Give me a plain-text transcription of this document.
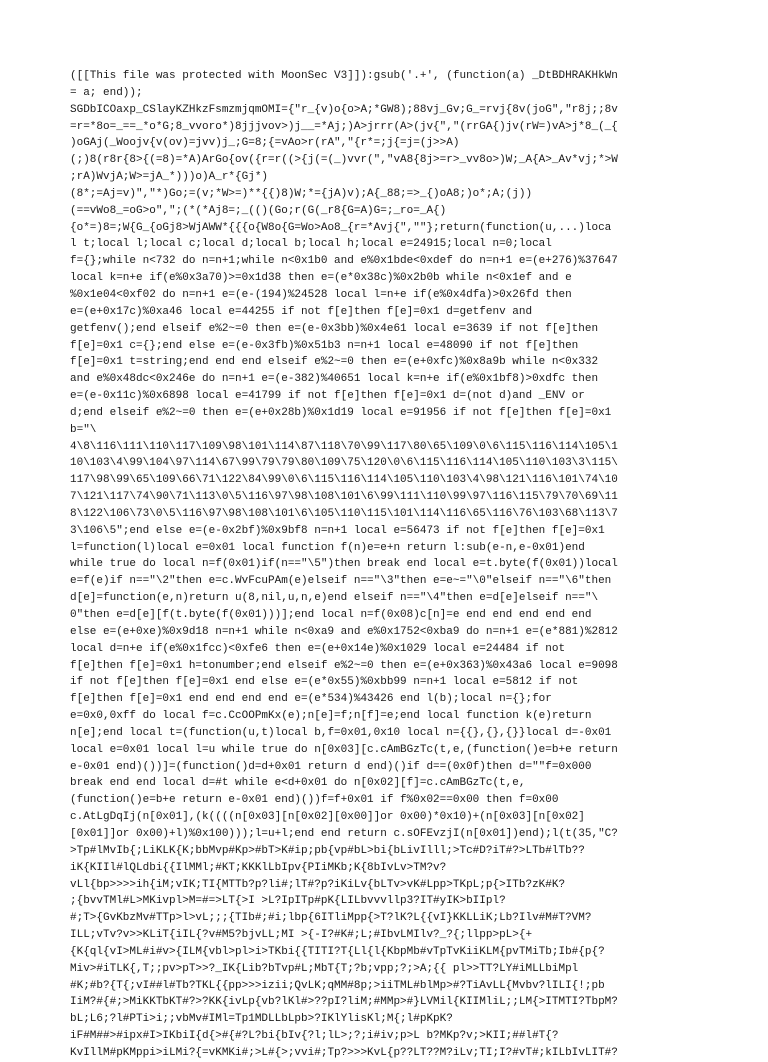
([[This file was protected with MoonSec V3]]):gsub('.+', (function(a) _DtBDHRAKHkWn
= a; end));
SGDbICOaxp_CSlayKZHkzFsmzmjqmOMI={"r_{v)o{o>A;*GW8);88vj_Gv;G_=rvj{8v(joG","r8j;;8v
=r=*8o=_==_*o*G;8_vvoro*)8jjjvov>)j__=*Aj;)A>jrrr(A>(jv{","(rrGA{)jv(rW=)vA>j*8_(_{
)oGAj(_Woojv{v(ov)=jvv)j_;G=8;{=vAo>r(rA","{r*=;j{=j=(j>>A)
(;)8(r8r{8>{(=8)=*A)ArGo{ov({r=r((>{j(=(_)vvr(","vA8{8j>=r>_vv8o>)W;_A{A>_Av*vj;*>W
;rA)WvjA;W>=jA_*)))o)A_r*{Gj*)
(8*;=Aj=v)","*)Go;=(v;*W>=)**{{)8)W;*={jA)v);A{_88;=>_{)oA8;)o*;A;(j))
(==vWo8_=oG>o",";(*(*Aj8=;_(()(Go;r(G(_r8{G=A)G=;_ro=_A{)
{o*=)8=;W{G_{oGj8>WjAWW*{{{o{W8o{G=Wo>Ao8_{r=*Avj{",""};return(function(u,...)loca
l t;local l;local c;local d;local b;local h;local e=24915;local n=0;local
f={};while n<732 do n=n+1;while n<0x1b0 and e%0x1bde<0xdef do n=n+1 e=(e+276)%37647
local k=n+e if(e%0x3a70)>=0x1d38 then e=(e*0x38c)%0x2b0b while n<0x1ef and e
%0x1e04<0xf02 do n=n+1 e=(e-(194)%24528 local l=n+e if(e%0x4dfa)>0x26fd then
e=(e+0x17c)%0xa46 local e=44255 if not f[e]then f[e]=0x1 d=getfenv and
getfenv();end elseif e%2~=0 then e=(e-0x3bb)%0x4e61 local e=3639 if not f[e]then
f[e]=0x1 c={};end else e=(e-0x3fb)%0x51b3 n=n+1 local e=48090 if not f[e]then
f[e]=0x1 t=string;end end end elseif e%2~=0 then e=(e+0xfc)%0x8a9b while n<0x332
and e%0x48dc<0x246e do n=n+1 e=(e-382)%40651 local k=n+e if(e%0x1bf8)>0xdfc then
e=(e-0x11c)%0x6898 local e=41799 if not f[e]then f[e]=0x1 d=(not d)and _ENV or
d;end elseif e%2~=0 then e=(e+0x28b)%0x1d19 local e=91956 if not f[e]then f[e]=0x1
b="\
4\8\116\111\110\117\109\98\101\114\87\118\70\99\117\80\65\109\0\6\115\116\114\105\1
10\103\4\99\104\97\114\67\99\79\79\80\109\75\120\0\6\115\116\114\105\110\103\3\115\
117\98\99\65\109\66\71\122\84\99\0\6\115\116\114\105\110\103\4\98\121\116\101\74\10
7\121\117\74\90\71\113\0\5\116\97\98\108\101\6\99\111\110\99\97\116\115\79\70\69\11
8\122\106\73\0\5\116\97\98\108\101\6\105\110\115\101\114\116\65\116\76\103\68\113\7
3\106\5";end else e=(e-0x2bf)%0x9bf8 n=n+1 local e=56473 if not f[e]then f[e]=0x1
l=function(l)local e=0x01 local function f(n)e=e+n return l:sub(e-n,e-0x01)end
while true do local n=f(0x01)if(n=="\5")then break end local e=t.byte(f(0x01))local
e=f(e)if n=="\2"then e=c.WvFcuPAm(e)elseif n=="\3"then e=e~="\0"elseif n=="\6"then
d[e]=function(e,n)return u(8,nil,u,n,e)end elseif n=="\4"then e=d[e]elseif n=="\
0"then e=d[e][f(t.byte(f(0x01)))];end local n=f(0x08)c[n]=e end end end end end
else e=(e+0xe)%0x9d18 n=n+1 while n<0xa9 and e%0x1752<0xba9 do n=n+1 e=(e*881)%2812
local d=n+e if(e%0x1fcc)<0xfe6 then e=(e+0x14e)%0x1029 local e=24484 if not
f[e]then f[e]=0x1 h=tonumber;end elseif e%2~=0 then e=(e+0x363)%0x43a6 local e=9098
if not f[e]then f[e]=0x1 end else e=(e*0x55)%0xbb99 n=n+1 local e=5812 if not
f[e]then f[e]=0x1 end end end end e=(e*534)%43426 end l(b);local n={};for
e=0x0,0xff do local f=c.CcOOPmKx(e);n[e]=f;n[f]=e;end local function k(e)return
n[e];end local t=(function(u,t)local b,f=0x01,0x10 local n={{},{},{}}local d=-0x01
local e=0x01 local l=u while true do n[0x03][c.cAmBGzTc(t,e,(function()e=b+e return
e-0x01 end)())]=(function()d=d+0x01 return d end)()if d==(0x0f)then d=""f=0x000
break end end local d=#t while e<d+0x01 do n[0x02][f]=c.cAmBGzTc(t,e,
(function()e=b+e return e-0x01 end)())f=f+0x01 if f%0x02==0x00 then f=0x00
c.AtLgDqIj(n[0x01],(k((((n[0x03][n[0x02][0x00]]or 0x00)*0x10)+(n[0x03][n[0x02]
[0x01]]or 0x00)+l)%0x100)));l=u+l;end end return c.sOFEvzjI(n[0x01])end);l(t(35,"C?
>Tp#lMvIb{;LiKLK{K;bbMvp#Kp>#bT>K#ip;pb{vp#bL>bi{bLivIlll;>Tc#D?iT#?>LTb#lTb??
iK{KIIl#lQLdbi{{IlMMl;#KT;KKKlLbIpv{PIiMKb;K{8bIvLv>TM?v?
vLl{bp>>>>ih{iM;vIK;TI{MTTb?p?li#;lT#?p?iKiLv{bLTv>vK#Lpp>TKpL;p{>ITb?zK#K?
;{bvvTMl#L>MKivpl>M=#=>LT{>I >L?IpITp#pK{LILbvvvllp3?IT#yIK>bIIpl?
#;T>{GvKbzMv#TTp>l>vL;;;{TIb#;#i;lbp{6ITliMpp{>T?lK?L{{vI}KKLLiK;Lb?Ilv#M#T?VM?
ILL;vTv?v>>KLiT{iIL{?v#M5?bjvLL;MI >{-I?#K#;L;#IbvLMIlv?_?{;llpp>pL>{+
{K{ql{vI>ML#i#v>{ILM{vbl>pl>i>TKbi{{TITI?T{Ll{l{KbpMb#vTpTvKiiKLM{pvTMiTb;Ib#{p{?
Miv>#iTLK{,T;;pv>pT>>?_IK{Lib?bTvp#L;MbT{T;?b;vpp;?;>A;{{ pl>>TT?LY#iMLLbiMpl
#K;#b?{T{;vI##l#Tb?TKL{{pp>>>izii;QvLK;qMM#8p;>iiTML#blMp>#?TiAvLL{Mvbv?lILI{!;pb
IiM?#{#;>MiKKTbKT#?>?KK{ivLp{vb?lKl#>??pI?liM;#MMp>#}LVMil{KIIMliL;;LM{>ITMTI?TbpM?
bL;L6;?l#PTi>i;;vbMv#IMl=Tp1MDLLbLpb>?IKlYlisKl;M{;l#pKpK?
iF#M##>#ipx#I>IKbiI{d{>#{#?L?bi{bIv{?l;lL>;?;i#iv;p>L b?MKp?v;>KII;##l#T{?
KvIllM#pKMppi>iLMi?{=vKMKi#;>L#{>;vvi#;Tp?>>>KvL{p??LT??M?iLv;TI;I?#vT#;kILbIvLIT#?
